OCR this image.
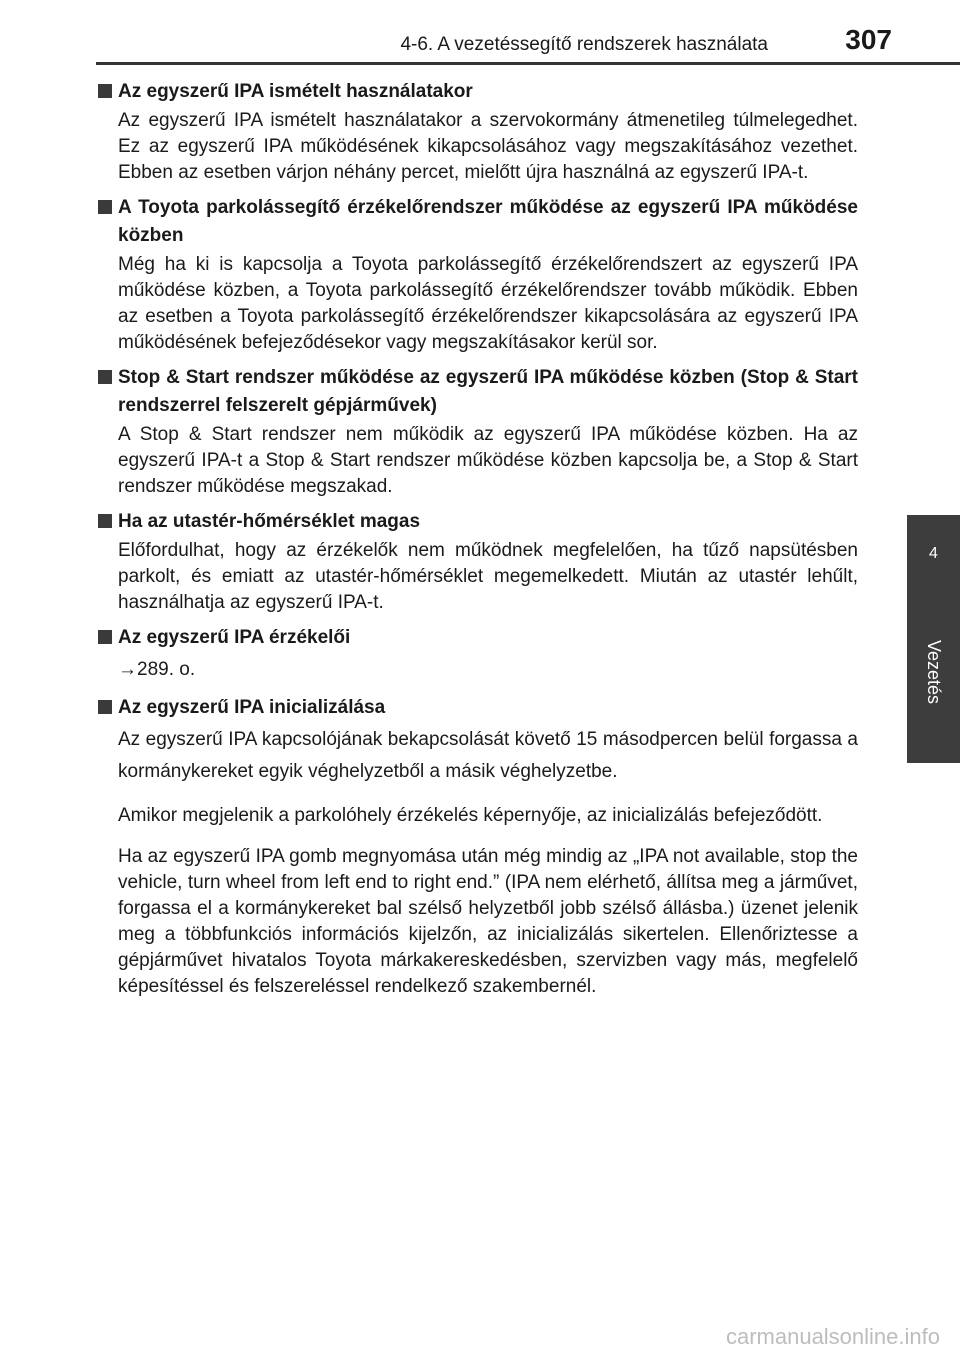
4-6. A vezetéssegítő rendszerek használata	307
4
Vezetés
Az egyszerű IPA ismételt használatakor
Az egyszerű IPA ismételt használatakor a szervokormány átmenetileg túlmelegedhet. Ez az egyszerű IPA működésének kikapcsolásához vagy megszakításához vezethet. Ebben az esetben várjon néhány percet, mielőtt újra használná az egyszerű IPA-t.
A Toyota parkolássegítő érzékelőrendszer működése az egyszerű IPA működése közben
Még ha ki is kapcsolja a Toyota parkolássegítő érzékelőrendszert az egyszerű IPA működése közben, a Toyota parkolássegítő érzékelőrendszer tovább működik. Ebben az esetben a Toyota parkolássegítő érzékelőrendszer kikapcsolására az egyszerű IPA működésének befejeződésekor vagy megszakításakor kerül sor.
Stop & Start rendszer működése az egyszerű IPA működése közben (Stop & Start rendszerrel felszerelt gépjárművek)
A Stop & Start rendszer nem működik az egyszerű IPA működése közben. Ha az egyszerű IPA-t a Stop & Start rendszer működése közben kapcsolja be, a Stop & Start rendszer működése megszakad.
Ha az utastér-hőmérséklet magas
Előfordulhat, hogy az érzékelők nem működnek megfelelően, ha tűző napsütésben parkolt, és emiatt az utastér-hőmérséklet megemelkedett. Miután az utastér lehűlt, használhatja az egyszerű IPA-t.
Az egyszerű IPA érzékelői
→289. o.
Az egyszerű IPA inicializálása
Az egyszerű IPA kapcsolójának bekapcsolását követő 15 másodpercen belül forgassa a kormánykereket egyik véghelyzetből a másik véghelyzetbe.
Amikor megjelenik a parkolóhely érzékelés képernyője, az inicializálás befejeződött.
Ha az egyszerű IPA gomb megnyomása után még mindig az „IPA not available, stop the vehicle, turn wheel from left end to right end.” (IPA nem elérhető, állítsa meg a járművet, forgassa el a kormánykereket bal szélső helyzetből jobb szélső állásba.) üzenet jelenik meg a többfunkciós információs kijelzőn, az inicializálás sikertelen. Ellenőriztesse a gépjárművet hivatalos Toyota márkakereskedésben, szervizben vagy más, megfelelő képesítéssel és felszereléssel rendelkező szakembernél.
carmanualsonline.info
